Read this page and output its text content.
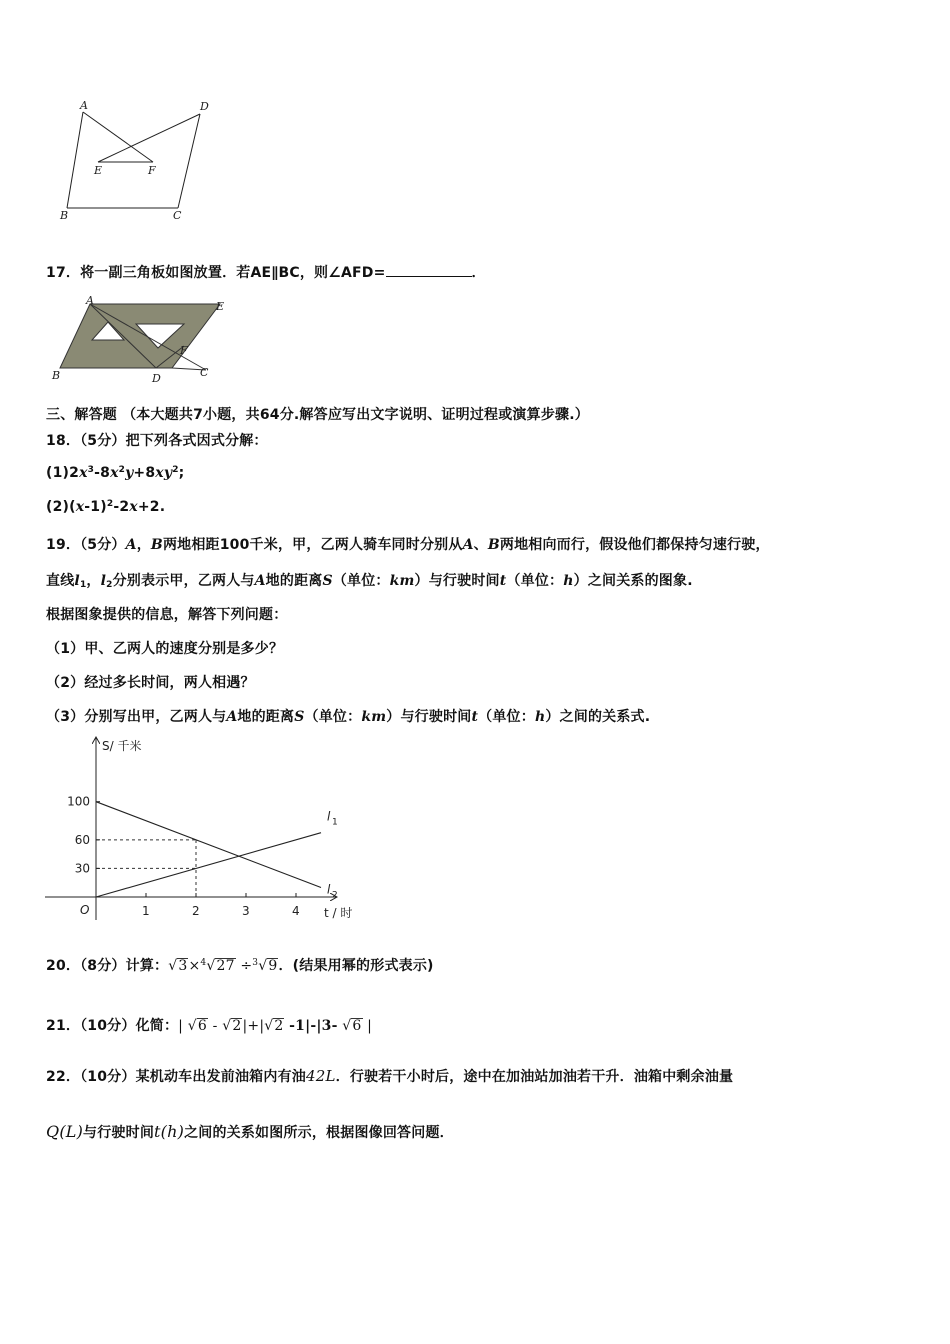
A	D
E	F
B	C
17．将一副三角板如图放置．若AE∥BC，则∠AFD=	．
A	E
F
B	D	C
三、解答题 （本大题共7小题，共64分.解答应写出文字说明、证明过程或演算步骤.）
18．（5分）把下列各式因式分解：
$(1)2x^3-8x^2y+8xy^2$;
$(2)(x-1)^2-2x+2$.
19．（5分）A，B两地相距100千米，甲，乙两人骑车同时分别从A、B两地相向而行，假设他们都保持匀速行驶，
直线$l_1$，$l_2$分别表示甲，乙两人与A地的距离S（单位：km）与行驶时间t（单位：h）之间关系的图象.
根据图象提供的信息，解答下列问题：
（1）甲、乙两人的速度分别是多少？
（2）经过多长时间，两人相遇？
（3）分别写出甲，乙两人与A地的距离S（单位：km）与行驶时间t（单位：h）之间的关系式.
l 1
l 2
1	2	3	4
100
60
30
S/ 千米
t / 时
O
20．（8分）计算：√3×$^4$√27 ÷$^3$√9．(结果用幂的形式表示)
21．（10分）化简：| √6 - √2|+|√2 -1|-|3- √6 |
22．（10分）某机动车出发前油箱内有油42L．行驶若干小时后，途中在加油站加油若干升．油箱中剩余油量
Q(L)与行驶时间t(h)之间的关系如图所示，根据图像回答问题．
